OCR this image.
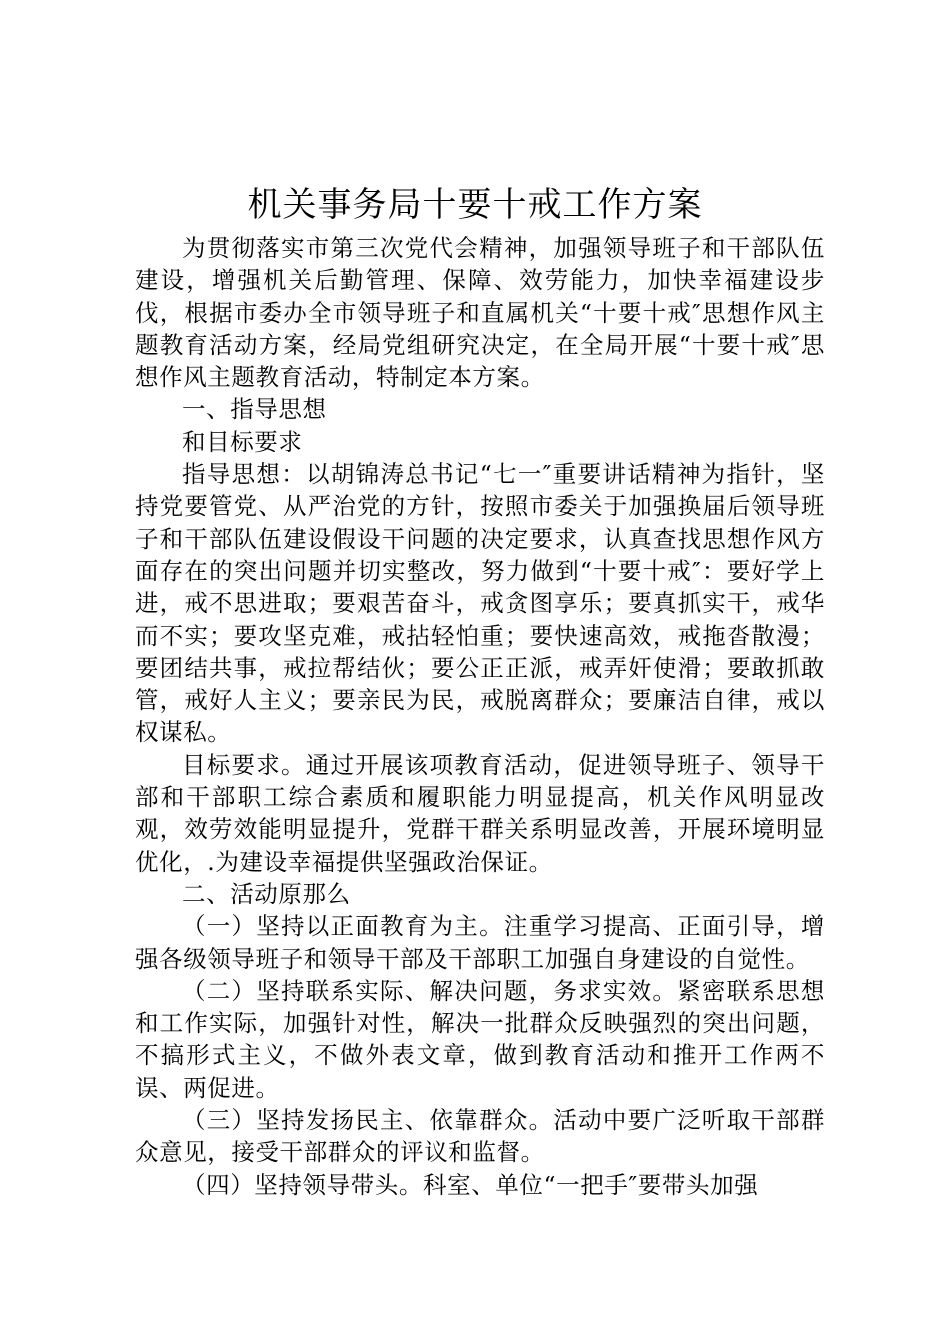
机关事务局十要十戒工作方案

为贯彻落实市第三次党代会精神，加强领导班子和干部队伍建设，增强机关后勤管理、保障、效劳能力，加快幸福建设步伐，根据市委办全市领导班子和直属机关“十要十戒″思想作风主题教育活动方案，经局党组研究决定，在全局开展“十要十戒″思想作风主题教育活动，特制定本方案。

一、指导思想

和目标要求

指导思想：以胡锦涛总书记“七一″重要讲话精神为指针，坚持党要管党、从严治党的方针，按照市委关于加强换届后领导班子和干部队伍建设假设干问题的决定要求，认真查找思想作风方面存在的突出问题并切实整改，努力做到“十要十戒″：要好学上进，戒不思进取；要艰苦奋斗，戒贪图享乐；要真抓实干，戒华而不实；要攻坚克难，戒拈轻怕重；要快速高效，戒拖沓散漫；要团结共事，戒拉帮结伙；要公正正派，戒弄奸使滑；要敢抓敢管，戒好人主义；要亲民为民，戒脱离群众；要廉洁自律，戒以权谋私。

目标要求。通过开展该项教育活动，促进领导班子、领导干部和干部职工综合素质和履职能力明显提高，机关作风明显改观，效劳效能明显提升，党群干群关系明显改善，开展环境明显优化，.为建设幸福提供坚强政治保证。

二、活动原那么

（一）坚持以正面教育为主。注重学习提高、正面引导，增强各级领导班子和领导干部及干部职工加强自身建设的自觉性。

（二）坚持联系实际、解决问题，务求实效。紧密联系思想和工作实际，加强针对性，解决一批群众反映强烈的突出问题，不搞形式主义，不做外表文章，做到教育活动和推开工作两不误、两促进。

（三）坚持发扬民主、依靠群众。活动中要广泛听取干部群众意见，接受干部群众的评议和监督。

（四）坚持领导带头。科室、单位“一把手″要带头加强
